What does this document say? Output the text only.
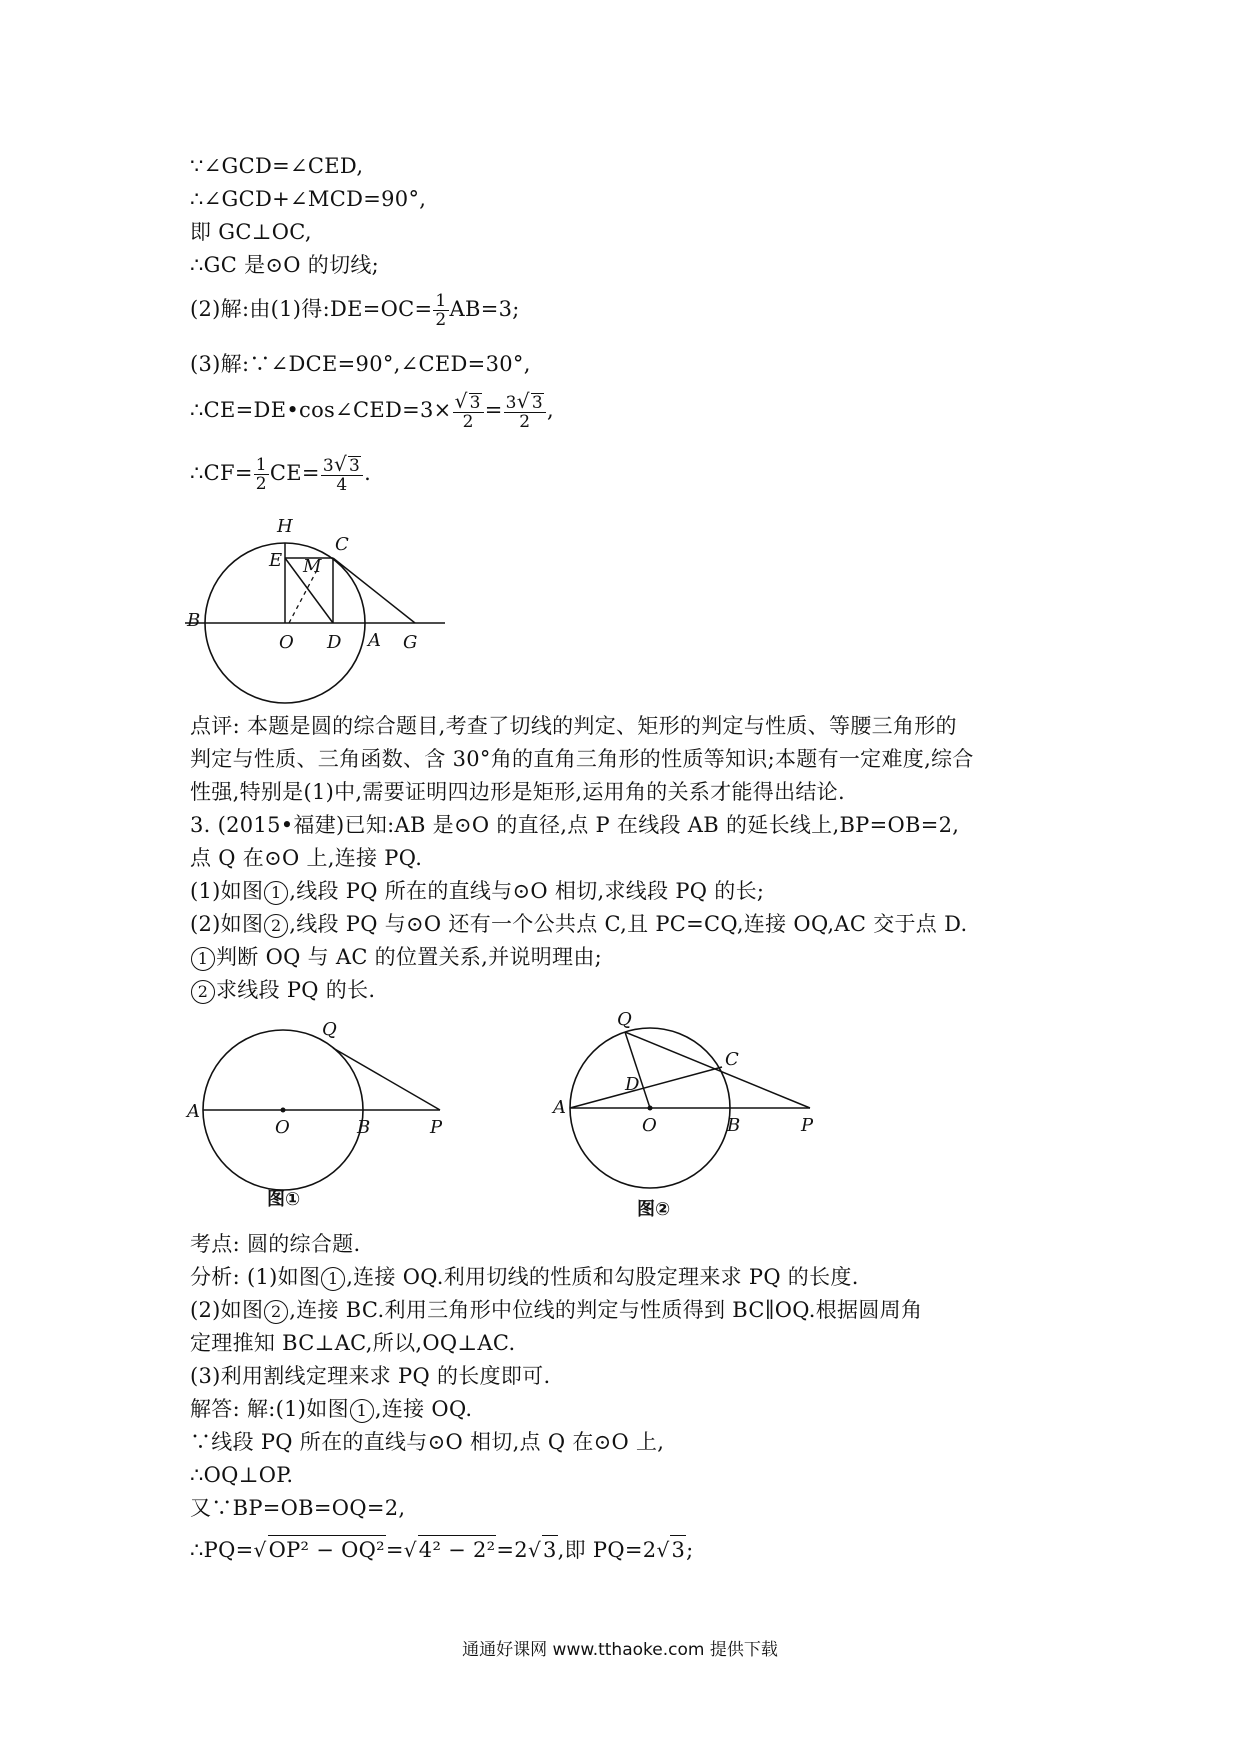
∵∠GCD=∠CED,
∴∠GCD+∠MCD=90°,
即 GC⊥OC,
∴GC 是⊙O 的切线;
(2)解:由(1)得:DE=OC= $\frac{1}{2} AB=3$;
(3)解:∵∠DCE=90°,∠CED=30°,
∴CE=DE•cos∠CED=3× $\frac{√ 3}{2} = \frac{3√ 3}{2}$ ,
∴CF= $\frac{1}{2} CE= \frac{3√ 3}{4}$ .
H
C
E M
B
O D A G
点评: 本题是圆的综合题目,考查了切线的判定、矩形的判定与性质、等腰三角形的
判定与性质、三角函数、含 30°角的直角三角形的性质等知识;本题有一定难度,综合
性强,特别是(1)中,需要证明四边形是矩形,运用角的关系才能得出结论.
3. (2015•福建)已知:AB 是⊙O 的直径,点 P 在线段 AB 的延长线上,BP=OB=2,
点 Q 在⊙O 上,连接 PQ.
(1)如图 1 ,线段 PQ 所在的直线与⊙O 相切,求线段 PQ 的长;
(2)如图 2 ,线段 PQ 与⊙O 还有一个公共点 C,且 PC=CQ,连接 OQ,AC 交于点 D.
1 判断 OQ 与 AC 的位置关系,并说明理由;
2 求线段 PQ 的长.
Q
A
O	B	P
图①
Q
C
D
A
O	B	P
图②
考点: 圆的综合题.
分析: (1)如图 1 ,连接 OQ.利用切线的性质和勾股定理来求 PQ 的长度.
(2)如图 2 ,连接 BC.利用三角形中位线的判定与性质得到 BC∥OQ.根据圆周角
定理推知 BC⊥AC,所以,OQ⊥AC.
(3)利用割线定理来求 PQ 的长度即可.
解答: 解:(1)如图 1 ,连接 OQ.
∵线段 PQ 所在的直线与⊙O 相切,点 Q 在⊙O 上,
∴OQ⊥OP.
又∵BP=OB=OQ=2,
∴PQ=√OP² − OQ²=√4² − 2²=2√3,即 PQ=2√3;
通通好课网 www.tthaoke.com 提供下载
